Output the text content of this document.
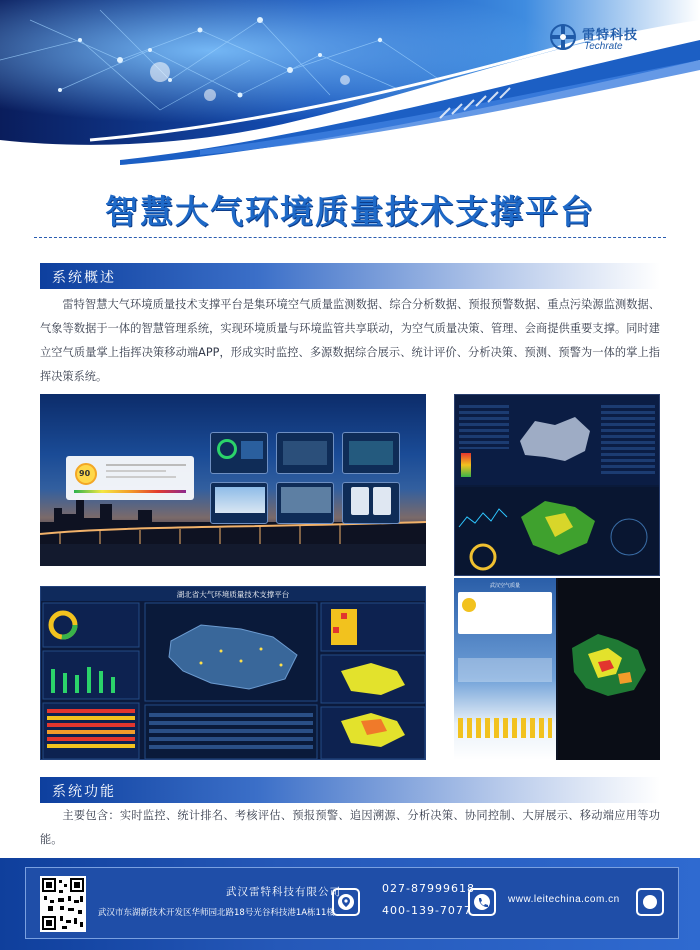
雷特科技
Techrate
智慧大气环境质量技术支撑平台
系统概述

雷特智慧大气环境质量技术支撑平台是集环境空气质量监测数据、综合分析数据、预报预警数据、重点污染源监测数据、气象等数据于一体的智慧管理系统，实现环境质量与环境监管共享联动，为空气质量决策、管理、会商提供重要支撑。同时建立空气质量掌上指挥决策移动端APP，形成实时监控、多源数据综合展示、统计评价、分析决策、预测、预警为一体的掌上指挥决策系统。

90
湖北省大气环境质量技术支撑平台
武汉空气质量
系统功能

主要包含：实时监控、统计排名、考核评估、预报预警、追因溯源、分析决策、协同控制、大屏展示、移动端应用等功能。

武汉雷特科技有限公司
武汉市东湖新技术开发区华师园北路18号光谷科技港1A栋11楼
027-87999618
400-139-7077
www.leitechina.com.cn
